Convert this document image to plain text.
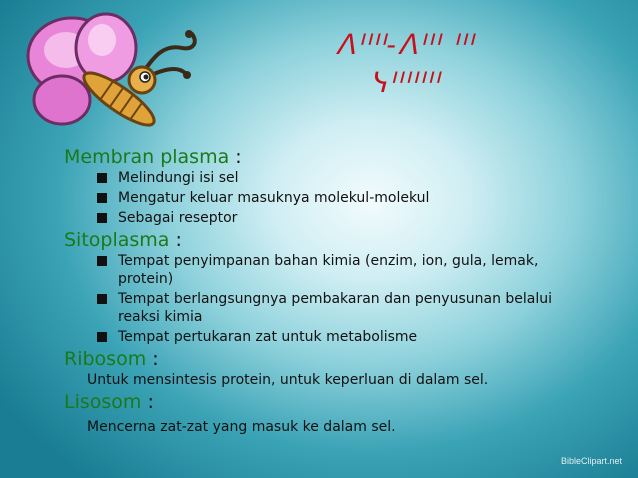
ᐱᑊᑊᑊᑊ-ᐱᑊᑊᑊ ᑊᑊᑊ
ᓭᑊᑊᑊᑊᑊᑊᑊ
Membran plasma :
Melindungi isi sel
Mengatur keluar masuknya molekul-molekul
Sebagai reseptor
Sitoplasma :
Tempat penyimpanan bahan kimia (enzim, ion, gula, lemak, protein)
Tempat berlangsungnya pembakaran dan penyusunan belalui reaksi kimia
Tempat pertukaran zat untuk metabolisme
Ribosom :
Untuk mensintesis protein, untuk keperluan di dalam sel.
Lisosom :
Mencerna zat-zat yang masuk ke dalam sel.
BibleClipart.net
